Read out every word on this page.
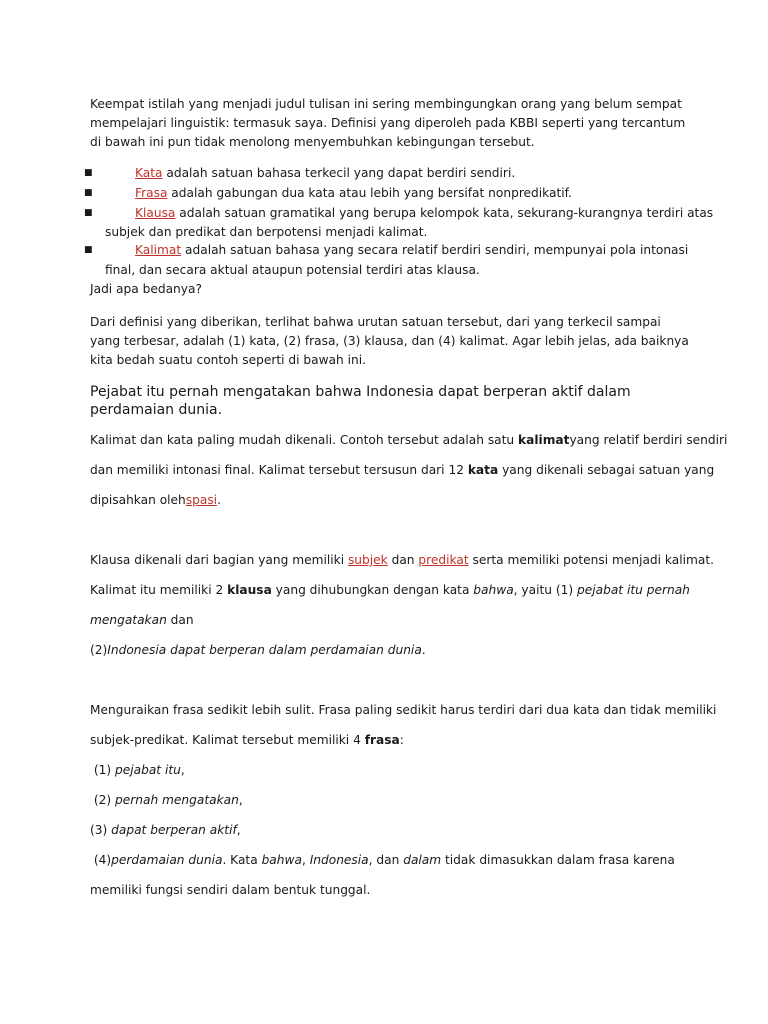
Keempat istilah yang menjadi judul tulisan ini sering membingungkan orang yang belum sempat mempelajari linguistik: termasuk saya. Definisi yang diperoleh pada KBBI seperti yang tercantum di bawah ini pun tidak menolong menyembuhkan kebingungan tersebut.

■	Kata adalah satuan bahasa terkecil yang dapat berdiri sendiri.

■	Frasa adalah gabungan dua kata atau lebih yang bersifat nonpredikatif.

■	Klausa adalah satuan gramatikal yang berupa kelompok kata, sekurang-kurangnya terdiri atas

subjek dan predikat dan berpotensi menjadi kalimat.

■	Kalimat adalah satuan bahasa yang secara relatif berdiri sendiri, mempunyai pola intonasi

final, dan secara aktual ataupun potensial terdiri atas klausa.

Jadi apa bedanya?

Dari definisi yang diberikan, terlihat bahwa urutan satuan tersebut, dari yang terkecil sampai yang terbesar, adalah (1) kata, (2) frasa, (3) klausa, dan (4) kalimat. Agar lebih jelas, ada baiknya kita bedah suatu contoh seperti di bawah ini.

Pejabat itu pernah mengatakan bahwa Indonesia dapat berperan aktif dalam perdamaian dunia.

Kalimat dan kata paling mudah dikenali. Contoh tersebut adalah satu kalimatyang relatif berdiri sendiri

dan memiliki intonasi final. Kalimat tersebut tersusun dari 12 kata yang dikenali sebagai satuan yang

dipisahkan olehspasi.

Klausa dikenali dari bagian yang memiliki subjek dan predikat serta memiliki potensi menjadi kalimat.

Kalimat itu memiliki 2 klausa yang dihubungkan dengan kata bahwa, yaitu (1) pejabat itu pernah

mengatakan dan

(2)Indonesia dapat berperan dalam perdamaian dunia.

Menguraikan frasa sedikit lebih sulit. Frasa paling sedikit harus terdiri dari dua kata dan tidak memiliki

subjek-predikat. Kalimat tersebut memiliki 4 frasa:

(1) pejabat itu,

(2) pernah mengatakan,

(3) dapat berperan aktif,

(4)perdamaian dunia. Kata bahwa, Indonesia, dan dalam tidak dimasukkan dalam frasa karena

memiliki fungsi sendiri dalam bentuk tunggal.
